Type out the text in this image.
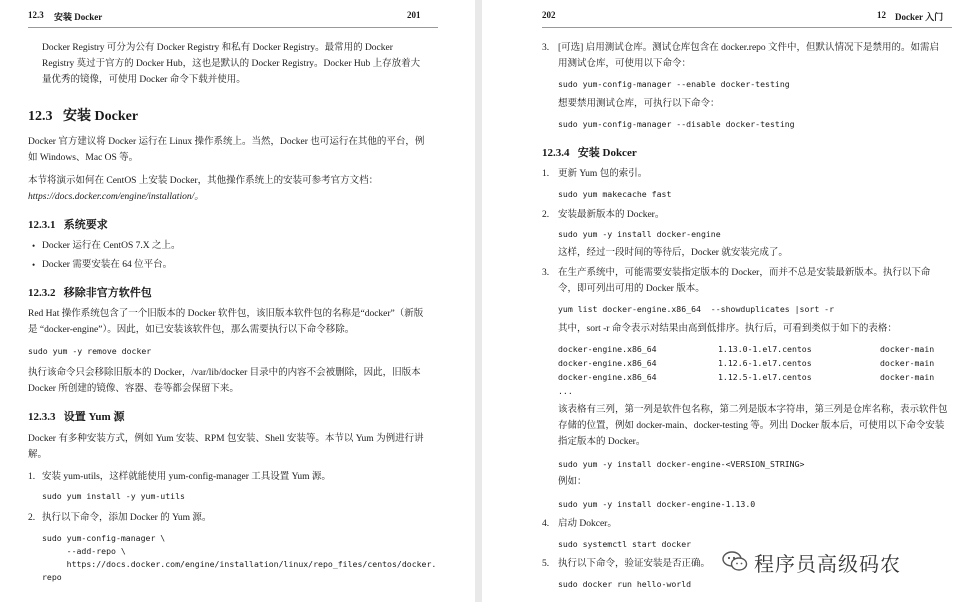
12.3 安装 Docker	201

Docker Registry 可分为公有 Docker Registry 和私有 Docker Registry。最常用的 Docker Registry 莫过于官方的 Docker Hub，这也是默认的 Docker Registry。Docker Hub 上存放着大量优秀的镜像，可使用 Docker 命令下载并使用。

12.3 安装 Docker

Docker 官方建议将 Docker 运行在 Linux 操作系统上。当然，Docker 也可运行在其他的平台，例如 Windows、Mac OS 等。

本节将演示如何在 CentOS 上安装 Docker，其他操作系统上的安装可参考官方文档：
https://docs.docker.com/engine/installation/。

12.3.1 系统要求
• Docker 运行在 CentOS 7.X 之上。
• Docker 需要安装在 64 位平台。
12.3.2 移除非官方软件包

Red Hat 操作系统包含了一个旧版本的 Docker 软件包，该旧版本软件包的名称是“docker”（新版是 “docker-engine”）。因此，如已安装该软件包，那么需要执行以下命令移除。

sudo yum -y remove docker

执行该命令只会移除旧版本的 Docker，/var/lib/docker 目录中的内容不会被删除，因此，旧版本 Docker 所创建的镜像、容器、卷等都会保留下来。

12.3.3 设置 Yum 源

Docker 有多种安装方式，例如 Yum 安装、RPM 包安装、Shell 安装等。本节以 Yum 为例进行讲解。

1. 安装 yum-utils，这样就能使用 yum-config-manager 工具设置 Yum 源。
sudo yum install -y yum-utils
2. 执行以下命令，添加 Docker 的 Yum 源。
sudo yum-config-manager \
--add-repo \
https://docs.docker.com/engine/installation/linux/repo_files/centos/docker.
repo
202	12 Docker 入门
3. [可选] 启用测试仓库。测试仓库包含在 docker.repo 文件中，但默认情况下是禁用的。如需启用测试仓库，可使用以下命令：
sudo yum-config-manager --enable docker-testing
想要禁用测试仓库，可执行以下命令：
sudo yum-config-manager --disable docker-testing
12.3.4 安装 Dokcer
1. 更新 Yum 包的索引。
sudo yum makecache fast
2. 安装最新版本的 Docker。
sudo yum -y install docker-engine
这样，经过一段时间的等待后，Docker 就安装完成了。
3. 在生产系统中，可能需要安装指定版本的 Docker，而并不总是安装最新版本。执行以下命令，即可列出可用的 Docker 版本。
yum list docker-engine.x86_64  --showduplicates |sort -r
其中，sort -r 命令表示对结果由高到低排序。执行后，可看到类似于如下的表格：
docker-engine.x86_64	1.13.0-1.el7.centos	docker-main
docker-engine.x86_64	1.12.6-1.el7.centos	docker-main
docker-engine.x86_64	1.12.5-1.el7.centos	docker-main
...
该表格有三列，第一列是软件包名称，第二列是版本字符串，第三列是仓库名称，表示软件包存储的位置，例如 docker-main、docker-testing 等。列出 Docker 版本后，可使用以下命令安装指定版本的 Docker。
sudo yum -y install docker-engine-<VERSION_STRING>
例如：
sudo yum -y install docker-engine-1.13.0
4. 启动 Dokcer。
sudo systemctl start docker
5. 执行以下命令，验证安装是否正确。
sudo docker run hello-world
程序员高级码农
